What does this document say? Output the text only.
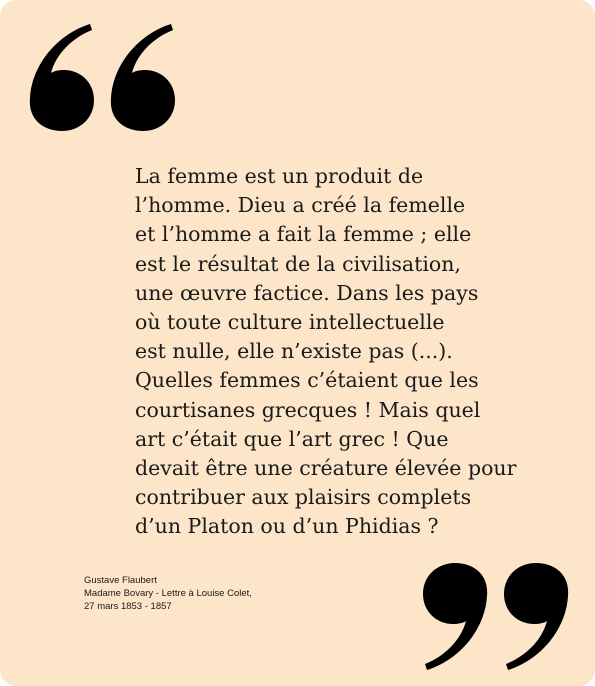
La femme est un produit de
l’homme. Dieu a créé la femelle
et l’homme a fait la femme ; elle
est le résultat de la civilisation,
une œuvre factice. Dans les pays
où toute culture intellectuelle
est nulle, elle n’existe pas (...).
Quelles femmes c’étaient que les
courtisanes grecques ! Mais quel
art c’était que l’art grec ! Que
devait être une créature élevée pour
contribuer aux plaisirs complets
d’un Platon ou d’un Phidias ?

Gustave Flaubert
Madame Bovary - Lettre à Louise Colet,
27 mars 1853 - 1857
